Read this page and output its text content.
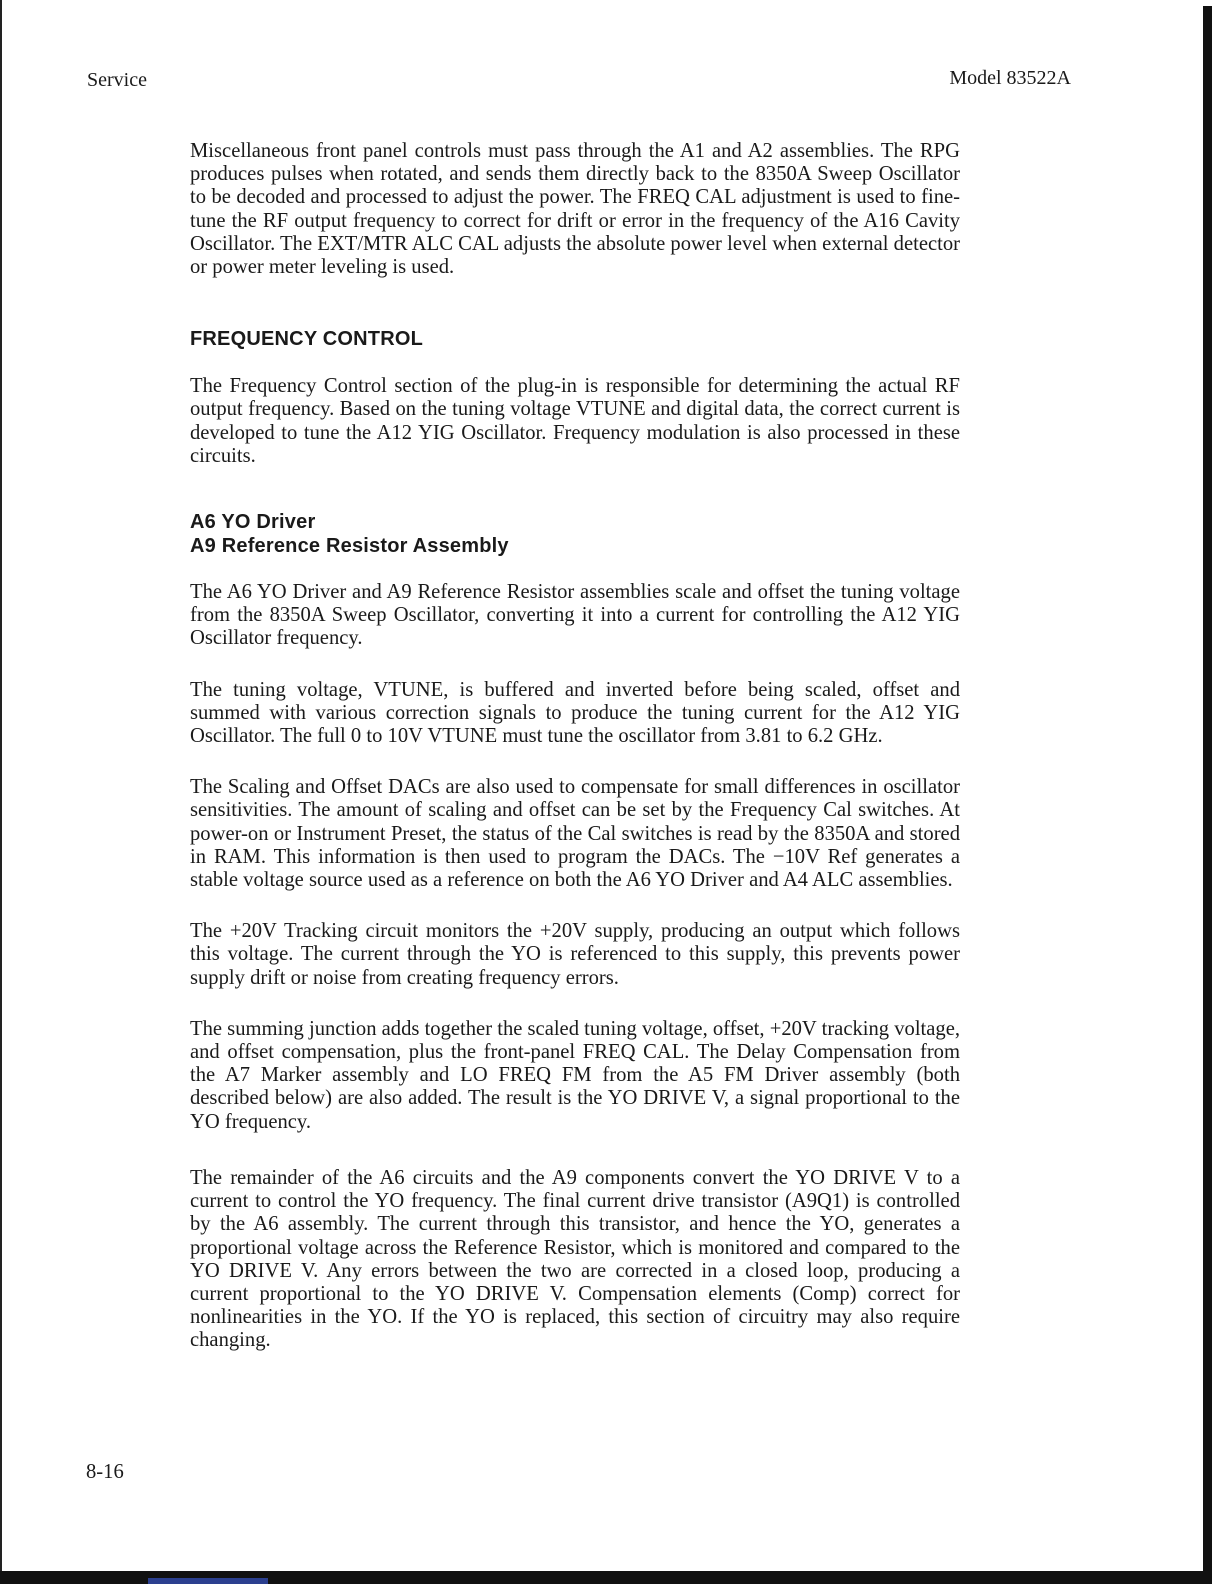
Service	Model 83522A

Miscellaneous front panel controls must pass through the A1 and A2 assemblies. The RPG produces pulses when rotated, and sends them directly back to the 8350A Sweep Oscillator to be decoded and processed to adjust the power. The FREQ CAL adjustment is used to fine-tune the RF output frequency to correct for drift or error in the frequency of the A16 Cavity Oscillator. The EXT/MTR ALC CAL adjusts the absolute power level when external detector or power meter leveling is used.

FREQUENCY CONTROL

The Frequency Control section of the plug-in is responsible for determining the actual RF output frequency. Based on the tuning voltage VTUNE and digital data, the correct current is developed to tune the A12 YIG Oscillator. Frequency modulation is also processed in these circuits.

A6 YO Driver
A9 Reference Resistor Assembly

The A6 YO Driver and A9 Reference Resistor assemblies scale and offset the tuning voltage from the 8350A Sweep Oscillator, converting it into a current for controlling the A12 YIG Oscillator frequency.

The tuning voltage, VTUNE, is buffered and inverted before being scaled, offset and summed with various correction signals to produce the tuning current for the A12 YIG Oscillator. The full 0 to 10V VTUNE must tune the oscillator from 3.81 to 6.2 GHz.

The Scaling and Offset DACs are also used to compensate for small differences in oscillator sensitivities. The amount of scaling and offset can be set by the Frequency Cal switches. At power-on or Instrument Preset, the status of the Cal switches is read by the 8350A and stored in RAM. This information is then used to program the DACs. The −10V Ref generates a stable voltage source used as a reference on both the A6 YO Driver and A4 ALC assemblies.

The +20V Tracking circuit monitors the +20V supply, producing an output which follows this voltage. The current through the YO is referenced to this supply, this prevents power supply drift or noise from creating frequency errors.

The summing junction adds together the scaled tuning voltage, offset, +20V tracking voltage, and offset compensation, plus the front-panel FREQ CAL. The Delay Compensation from the A7 Marker assembly and LO FREQ FM from the A5 FM Driver assembly (both described below) are also added. The result is the YO DRIVE V, a signal proportional to the YO frequency.

The remainder of the A6 circuits and the A9 components convert the YO DRIVE V to a current to control the YO frequency. The final current drive transistor (A9Q1) is controlled by the A6 assembly. The current through this transistor, and hence the YO, generates a proportional voltage across the Reference Resistor, which is monitored and compared to the YO DRIVE V. Any errors between the two are corrected in a closed loop, producing a current proportional to the YO DRIVE V. Compensation elements (Comp) correct for nonlinearities in the YO. If the YO is replaced, this section of circuitry may also require changing.

8-16
